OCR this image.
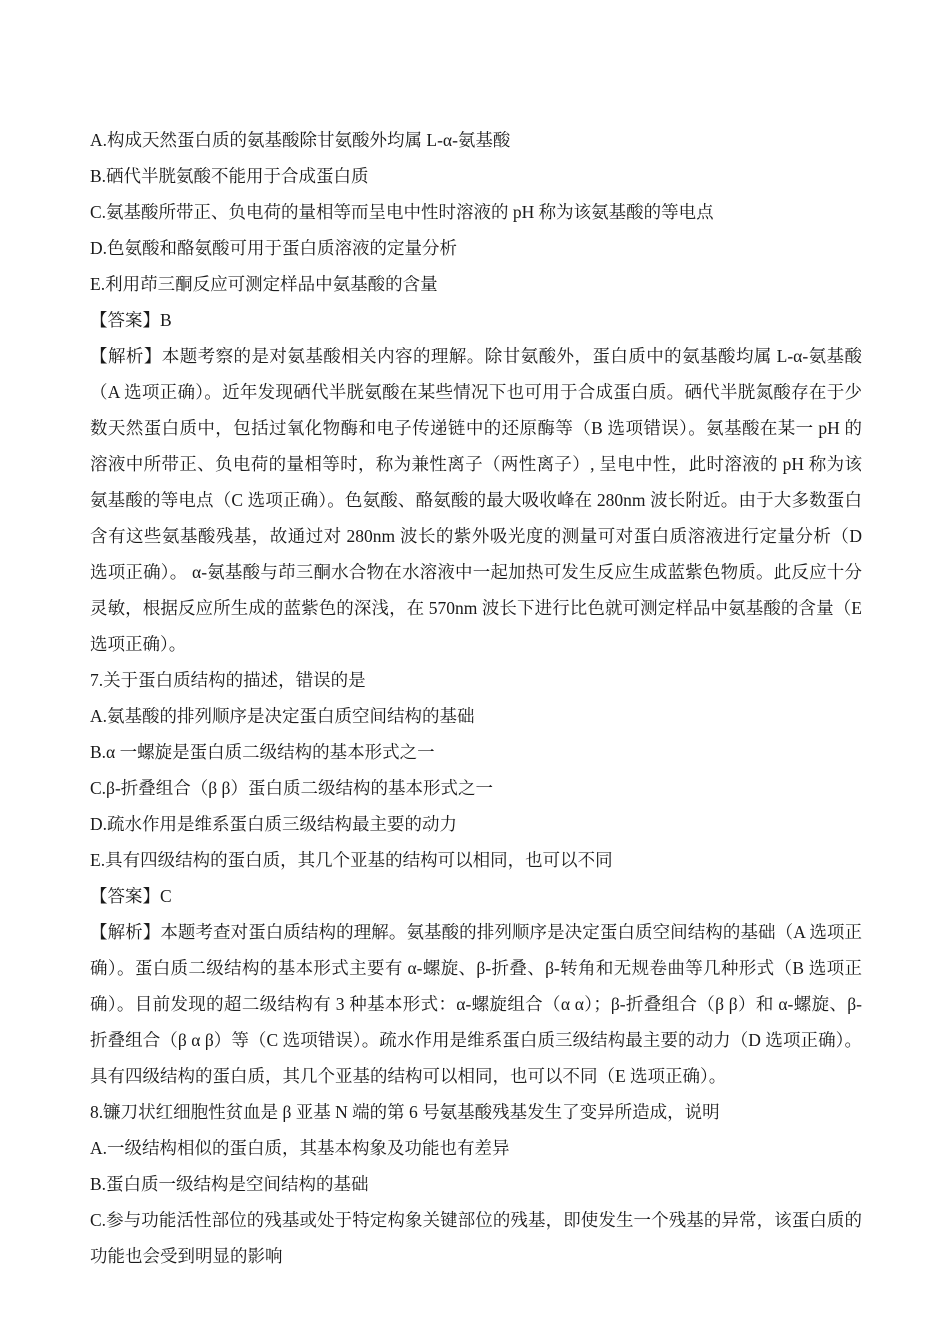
A.构成天然蛋白质的氨基酸除甘氨酸外均属 L-α-氨基酸

B.硒代半胱氨酸不能用于合成蛋白质

C.氨基酸所带正、负电荷的量相等而呈电中性时溶液的 pH 称为该氨基酸的等电点

D.色氨酸和酪氨酸可用于蛋白质溶液的定量分析

E.利用茚三酮反应可测定样品中氨基酸的含量

【答案】B

【解析】本题考察的是对氨基酸相关内容的理解。除甘氨酸外，蛋白质中的氨基酸均属 L-α-氨基酸（A 选项正确）。近年发现硒代半胱氨酸在某些情况下也可用于合成蛋白质。硒代半胱氮酸存在于少数天然蛋白质中，包括过氧化物酶和电子传递链中的还原酶等（B 选项错误）。氨基酸在某一 pH 的溶液中所带正、负电荷的量相等时，称为兼性离子（两性离子）, 呈电中性，此时溶液的 pH 称为该氨基酸的等电点（C 选项正确）。色氨酸、酪氨酸的最大吸收峰在 280nm 波长附近。由于大多数蛋白含有这些氨基酸残基，故通过对 280nm 波长的紫外吸光度的测量可对蛋白质溶液进行定量分析（D 选项正确）。 α-氨基酸与茚三酮水合物在水溶液中一起加热可发生反应生成蓝紫色物质。此反应十分灵敏，根据反应所生成的蓝紫色的深浅，在 570nm 波长下进行比色就可测定样品中氨基酸的含量（E 选项正确）。

7.关于蛋白质结构的描述，错误的是

A.氨基酸的排列顺序是决定蛋白质空间结构的基础

B.α 一螺旋是蛋白质二级结构的基本形式之一

C.β-折叠组合（β β）蛋白质二级结构的基本形式之一

D.疏水作用是维系蛋白质三级结构最主要的动力

E.具有四级结构的蛋白质，其几个亚基的结构可以相同，也可以不同

【答案】C

【解析】本题考查对蛋白质结构的理解。氨基酸的排列顺序是决定蛋白质空间结构的基础（A 选项正确）。蛋白质二级结构的基本形式主要有 α-螺旋、β-折叠、β-转角和无规卷曲等几种形式（B 选项正确）。目前发现的超二级结构有 3 种基本形式：α-螺旋组合（α α）；β-折叠组合（β β）和 α-螺旋、β-折叠组合（β α β）等（C 选项错误）。疏水作用是维系蛋白质三级结构最主要的动力（D 选项正确）。具有四级结构的蛋白质，其几个亚基的结构可以相同，也可以不同（E 选项正确）。

8.镰刀状红细胞性贫血是 β 亚基 N 端的第 6 号氨基酸残基发生了变异所造成，说明

A.一级结构相似的蛋白质，其基本构象及功能也有差异

B.蛋白质一级结构是空间结构的基础

C.参与功能活性部位的残基或处于特定构象关键部位的残基，即使发生一个残基的异常，该蛋白质的功能也会受到明显的影响
